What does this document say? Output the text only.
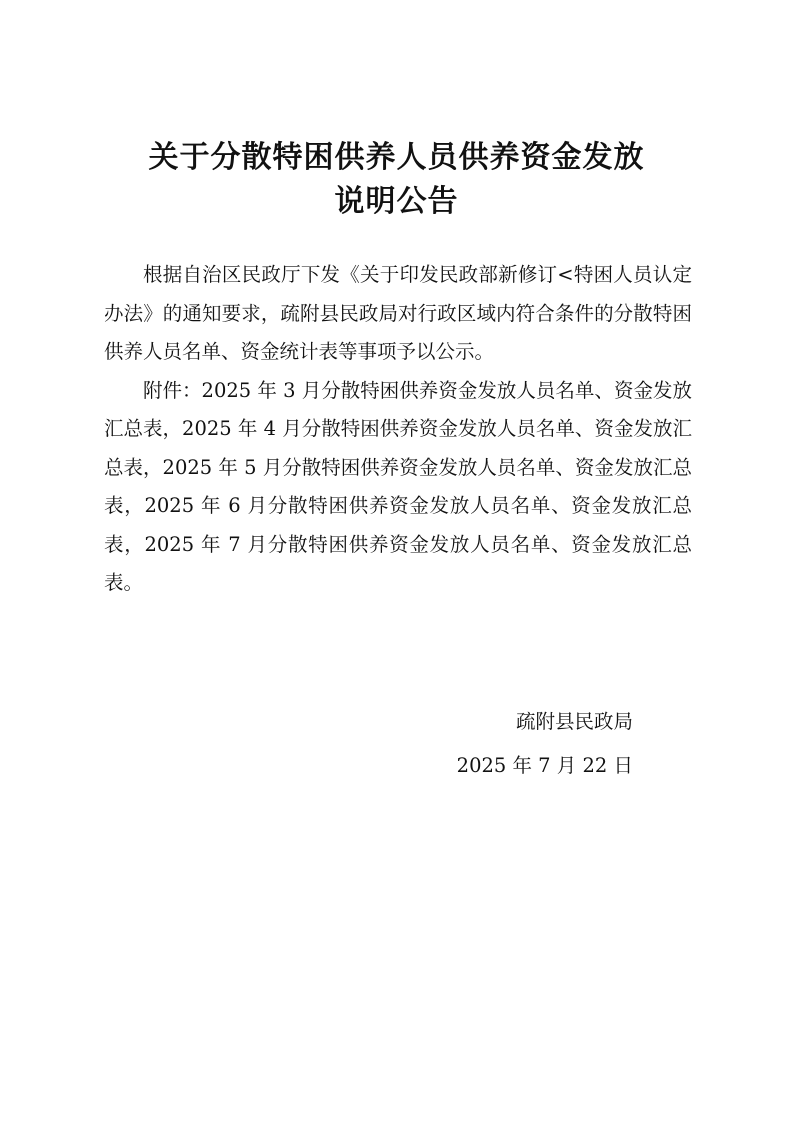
关于分散特困供养人员供养资金发放
说明公告

根据自治区民政厅下发《关于印发民政部新修订<特困人员认定办法》的通知要求，疏附县民政局对行政区域内符合条件的分散特困供养人员名单、资金统计表等事项予以公示。

附件：2025 年 3 月分散特困供养资金发放人员名单、资金发放汇总表，2025 年 4 月分散特困供养资金发放人员名单、资金发放汇总表，2025 年 5 月分散特困供养资金发放人员名单、资金发放汇总表，2025 年 6 月分散特困供养资金发放人员名单、资金发放汇总表，2025 年 7 月分散特困供养资金发放人员名单、资金发放汇总表。

疏附县民政局
2025 年 7 月 22 日
